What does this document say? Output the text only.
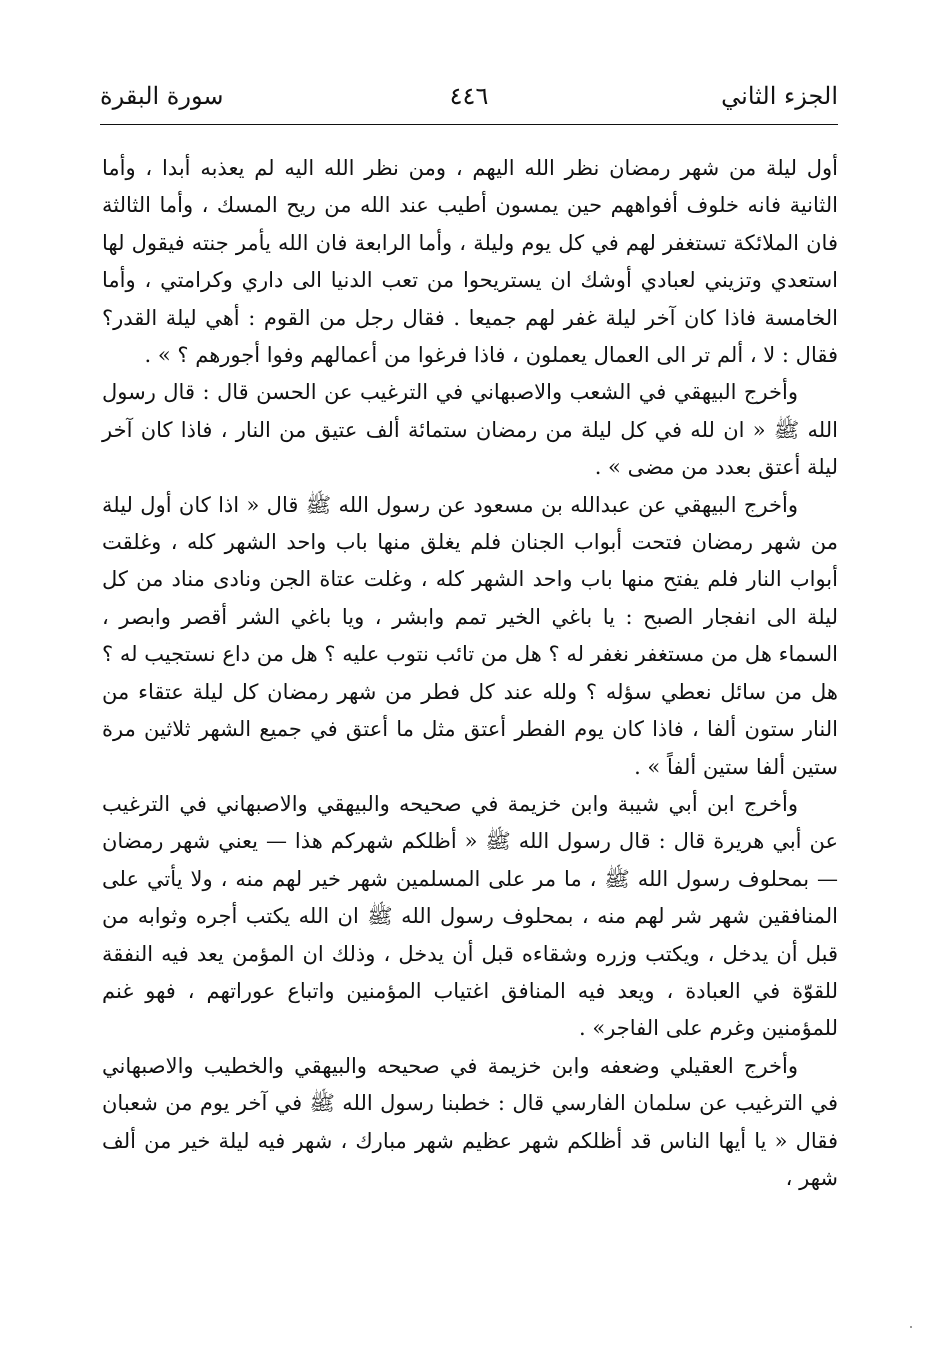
الجزء الثاني
٤٤٦
سورة البقرة

أول ليلة من شهر رمضان نظر الله اليهم ، ومن نظر الله اليه لم يعذبه أبدا ، وأما الثانية فانه خلوف أفواههم حين يمسون أطيب عند الله من ريح المسك ، وأما الثالثة فان الملائكة تستغفر لهم في كل يوم وليلة ، وأما الرابعة فان الله يأمر جنته فيقول لها استعدي وتزيني لعبادي أوشك ان يستريحوا من تعب الدنيا الى داري وكرامتي ، وأما الخامسة فاذا كان آخر ليلة غفر لهم جميعا . فقال رجل من القوم : أهي ليلة القدر؟ فقال : لا ، ألم تر الى العمال يعملون ، فاذا فرغوا من أعمالهم وفوا أجورهم ؟ » .

وأخرج البيهقي في الشعب والاصبهاني في الترغيب عن الحسن قال : قال رسول الله ﷺ « ان لله في كل ليلة من رمضان ستمائة ألف عتيق من النار ، فاذا كان آخر ليلة أعتق بعدد من مضى » .

وأخرج البيهقي عن عبدالله بن مسعود عن رسول الله ﷺ قال « اذا كان أول ليلة من شهر رمضان فتحت أبواب الجنان فلم يغلق منها باب واحد الشهر كله ، وغلقت أبواب النار فلم يفتح منها باب واحد الشهر كله ، وغلت عتاة الجن ونادى مناد من كل ليلة الى انفجار الصبح : يا باغي الخير تمم وابشر ، ويا باغي الشر أقصر وابصر ، السماء هل من مستغفر نغفر له ؟ هل من تائب نتوب عليه ؟ هل من داع نستجيب له ؟ هل من سائل نعطي سؤله ؟ ولله عند كل فطر من شهر رمضان كل ليلة عتقاء من النار ستون ألفا ، فاذا كان يوم الفطر أعتق مثل ما أعتق في جميع الشهر ثلاثين مرة ستين ألفا ستين ألفاً » .

وأخرج ابن أبي شيبة وابن خزيمة في صحيحه والبيهقي والاصبهاني في الترغيب عن أبي هريرة قال : قال رسول الله ﷺ « أظلكم شهركم هذا — يعني شهر رمضان — بمحلوف رسول الله ﷺ ، ما مر على المسلمين شهر خير لهم منه ، ولا يأتي على المنافقين شهر شر لهم منه ، بمحلوف رسول الله ﷺ ان الله يكتب أجره وثوابه من قبل أن يدخل ، ويكتب وزره وشقاءه قبل أن يدخل ، وذلك ان المؤمن يعد فيه النفقة للقوّة في العبادة ، ويعد فيه المنافق اغتياب المؤمنين واتباع عوراتهم ، فهو غنم للمؤمنين وغرم على الفاجر» .

وأخرج العقيلي وضعفه وابن خزيمة في صحيحه والبيهقي والخطيب والاصبهاني في الترغيب عن سلمان الفارسي قال : خطبنا رسول الله ﷺ في آخر يوم من شعبان فقال « يا أيها الناس قد أظلكم شهر عظيم شهر مبارك ، شهر فيه ليلة خير من ألف شهر ،
